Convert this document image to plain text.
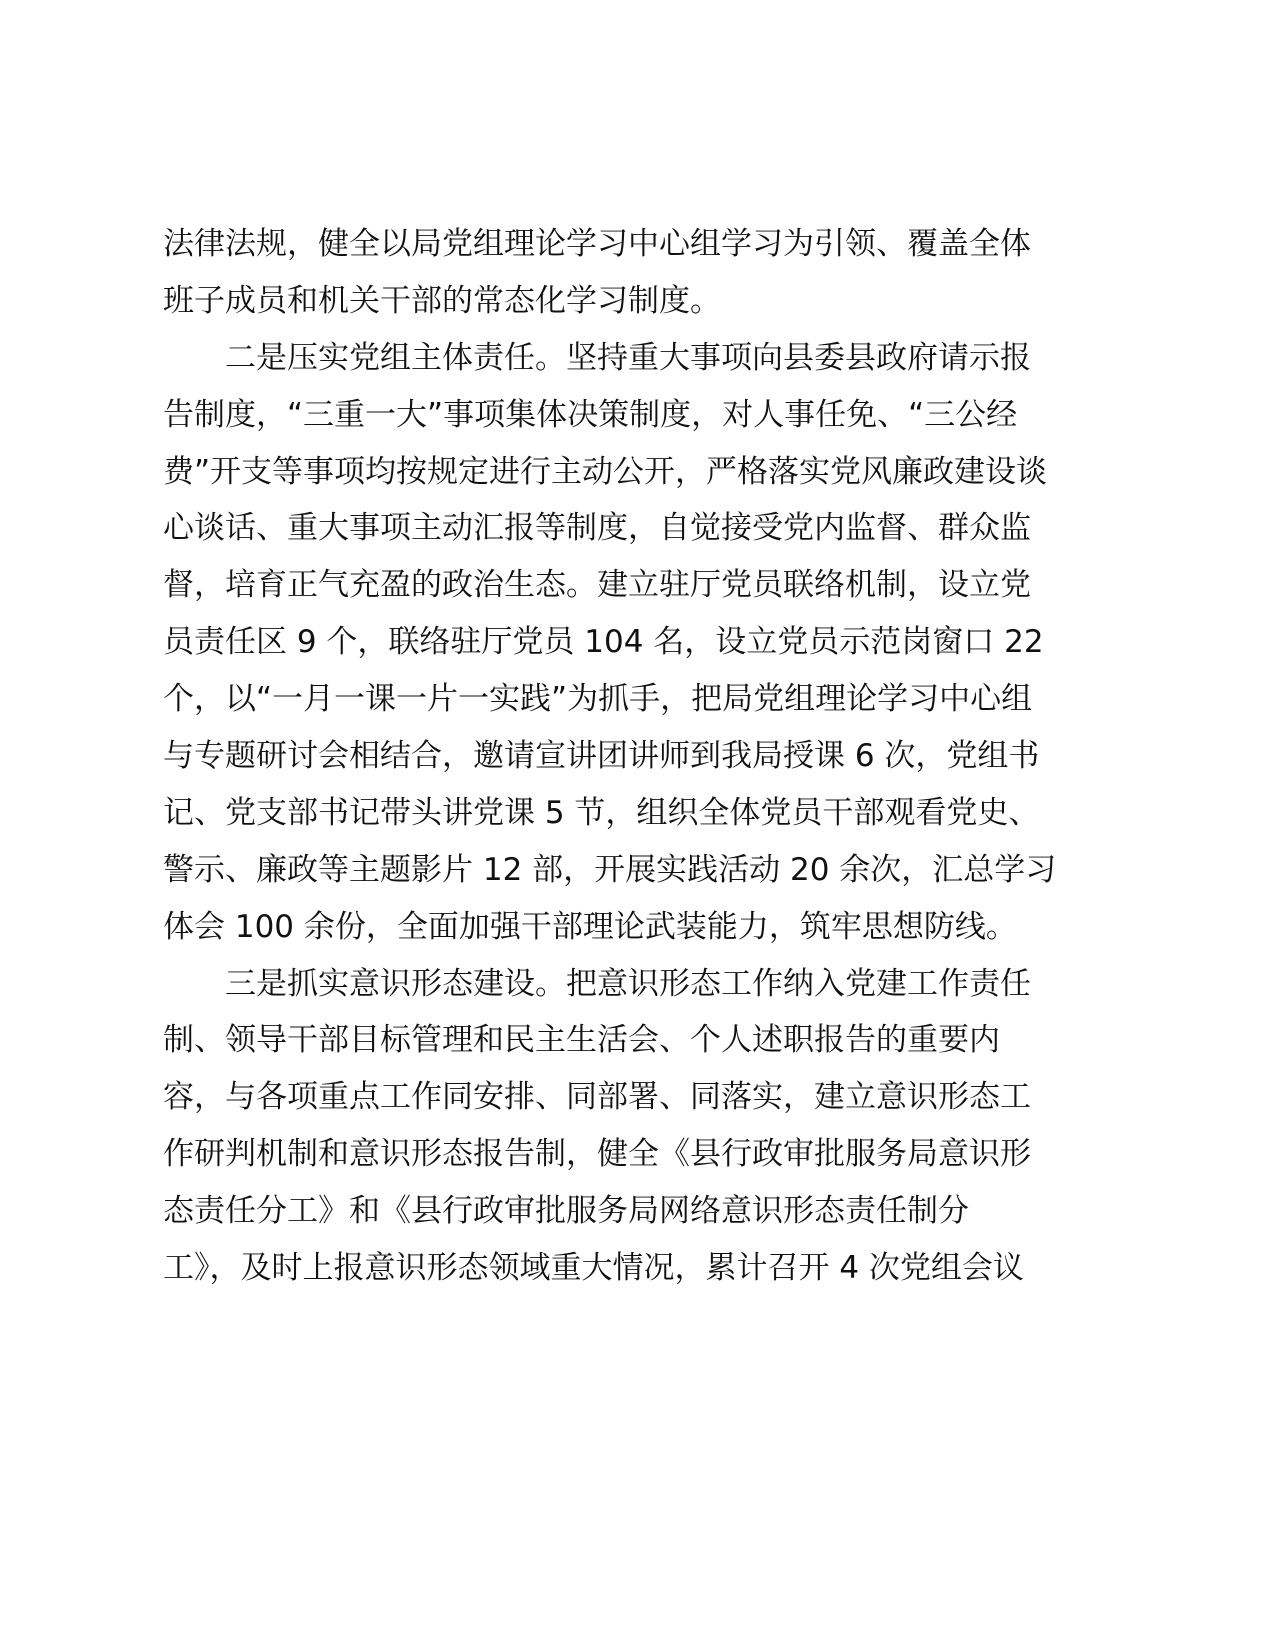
法律法规，健全以局党组理论学习中心组学习为引领、覆盖全体
班子成员和机关干部的常态化学习制度。
二是压实党组主体责任。坚持重大事项向县委县政府请示报
告制度，“三重一大”事项集体决策制度，对人事任免、“三公经
费”开支等事项均按规定进行主动公开，严格落实党风廉政建设谈
心谈话、重大事项主动汇报等制度，自觉接受党内监督、群众监
督，培育正气充盈的政治生态。建立驻厅党员联络机制，设立党
员责任区 9 个，联络驻厅党员 104 名，设立党员示范岗窗口 22
个，以“一月一课一片一实践”为抓手，把局党组理论学习中心组
与专题研讨会相结合，邀请宣讲团讲师到我局授课 6 次，党组书
记、党支部书记带头讲党课 5 节，组织全体党员干部观看党史、
警示、廉政等主题影片 12 部，开展实践活动 20 余次，汇总学习
体会 100 余份，全面加强干部理论武装能力，筑牢思想防线。
三是抓实意识形态建设。把意识形态工作纳入党建工作责任
制、领导干部目标管理和民主生活会、个人述职报告的重要内
容，与各项重点工作同安排、同部署、同落实，建立意识形态工
作研判机制和意识形态报告制，健全《县行政审批服务局意识形
态责任分工》和《县行政审批服务局网络意识形态责任制分
工》，及时上报意识形态领域重大情况，累计召开 4 次党组会议
